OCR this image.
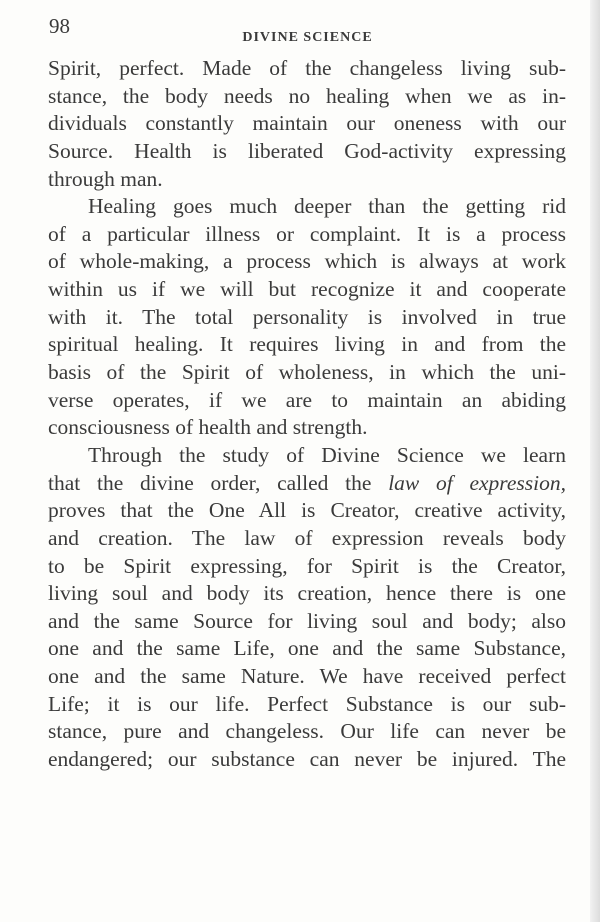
98	DIVINE SCIENCE
Spirit, perfect. Made of the changeless living sub-
stance, the body needs no healing when we as in-
dividuals constantly maintain our oneness with our
Source. Health is liberated God-activity expressing
through man.
Healing goes much deeper than the getting rid
of a particular illness or complaint. It is a process
of whole-making, a process which is always at work
within us if we will but recognize it and cooperate
with it. The total personality is involved in true
spiritual healing. It requires living in and from the
basis of the Spirit of wholeness, in which the uni-
verse operates, if we are to maintain an abiding
consciousness of health and strength.
Through the study of Divine Science we learn
that the divine order, called the law of expression,
proves that the One All is Creator, creative activity,
and creation. The law of expression reveals body
to be Spirit expressing, for Spirit is the Creator,
living soul and body its creation, hence there is one
and the same Source for living soul and body; also
one and the same Life, one and the same Substance,
one and the same Nature. We have received perfect
Life; it is our life. Perfect Substance is our sub-
stance, pure and changeless. Our life can never be
endangered; our substance can never be injured. The
